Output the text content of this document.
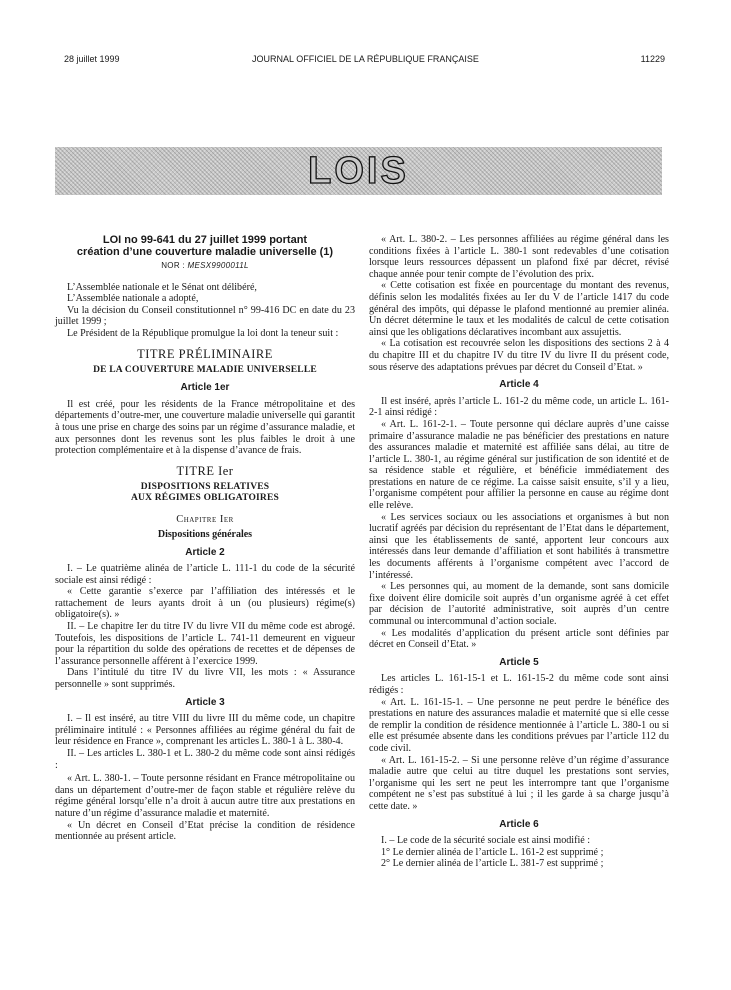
28 juillet 1999	JOURNAL OFFICIEL DE LA RÉPUBLIQUE FRANÇAISE	11229
LOIS
LOI no 99-641 du 27 juillet 1999 portant
création d’une couverture maladie universelle (1)
NOR : MESX9900011L

L’Assemblée nationale et le Sénat ont délibéré,

L’Assemblée nationale a adopté,

Vu la décision du Conseil constitutionnel n° 99-416 DC en date du 23 juillet 1999 ;

Le Président de la République promulgue la loi dont la teneur suit :

TITRE PRÉLIMINAIRE
DE LA COUVERTURE MALADIE UNIVERSELLE
Article 1er

Il est créé, pour les résidents de la France métropolitaine et des départements d’outre-mer, une couverture maladie universelle qui garantit à tous une prise en charge des soins par un régime d’assurance maladie, et aux personnes dont les revenus sont les plus faibles le droit à une protection complémentaire et à la dispense d’avance de frais.

TITRE Ier
DISPOSITIONS RELATIVES
AUX RÉGIMES OBLIGATOIRES
Chapitre Ier
Dispositions générales
Article 2

I. – Le quatrième alinéa de l’article L. 111-1 du code de la sécurité sociale est ainsi rédigé :

« Cette garantie s’exerce par l’affiliation des intéressés et le rattachement de leurs ayants droit à un (ou plusieurs) régime(s) obligatoire(s). »

II. – Le chapitre Ier du titre IV du livre VII du même code est abrogé. Toutefois, les dispositions de l’article L. 741-11 demeurent en vigueur pour la répartition du solde des opérations de recettes et de dépenses de l’assurance personnelle afférent à l’exercice 1999.

Dans l’intitulé du titre IV du livre VII, les mots : « Assurance personnelle » sont supprimés.

Article 3

I. – Il est inséré, au titre VIII du livre III du même code, un chapitre préliminaire intitulé : « Personnes affiliées au régime général du fait de leur résidence en France », comprenant les articles L. 380-1 à L. 380-4.

II. – Les articles L. 380-1 et L. 380-2 du même code sont ainsi rédigés :

« Art. L. 380-1. – Toute personne résidant en France métropolitaine ou dans un département d’outre-mer de façon stable et régulière relève du régime général lorsqu’elle n’a droit à aucun autre titre aux prestations en nature d’un régime d’assurance maladie et maternité.

« Un décret en Conseil d’Etat précise la condition de résidence mentionnée au présent article.

« Art. L. 380-2. – Les personnes affiliées au régime général dans les conditions fixées à l’article L. 380-1 sont redevables d’une cotisation lorsque leurs ressources dépassent un plafond fixé par décret, révisé chaque année pour tenir compte de l’évolution des prix.

« Cette cotisation est fixée en pourcentage du montant des revenus, définis selon les modalités fixées au Ier du V de l’article 1417 du code général des impôts, qui dépasse le plafond mentionné au premier alinéa. Un décret détermine le taux et les modalités de calcul de cette cotisation ainsi que les obligations déclaratives incombant aux assujettis.

« La cotisation est recouvrée selon les dispositions des sections 2 à 4 du chapitre III et du chapitre IV du titre IV du livre II du présent code, sous réserve des adaptations prévues par décret du Conseil d’Etat. »

Article 4

Il est inséré, après l’article L. 161-2 du même code, un article L. 161-2-1 ainsi rédigé :

« Art. L. 161-2-1. – Toute personne qui déclare auprès d’une caisse primaire d’assurance maladie ne pas bénéficier des prestations en nature des assurances maladie et maternité est affiliée sans délai, au titre de l’article L. 380-1, au régime général sur justification de son identité et de sa résidence stable et régulière, et bénéficie immédiatement des prestations en nature de ce régime. La caisse saisit ensuite, s’il y a lieu, l’organisme compétent pour affilier la personne en cause au régime dont elle relève.

« Les services sociaux ou les associations et organismes à but non lucratif agréés par décision du représentant de l’Etat dans le département, ainsi que les établissements de santé, apportent leur concours aux intéressés dans leur demande d’affiliation et sont habilités à transmettre les documents afférents à l’organisme compétent avec l’accord de l’intéressé.

« Les personnes qui, au moment de la demande, sont sans domicile fixe doivent élire domicile soit auprès d’un organisme agréé à cet effet par décision de l’autorité administrative, soit auprès d’un centre communal ou intercommunal d’action sociale.

« Les modalités d’application du présent article sont définies par décret en Conseil d’Etat. »

Article 5

Les articles L. 161-15-1 et L. 161-15-2 du même code sont ainsi rédigés :

« Art. L. 161-15-1. – Une personne ne peut perdre le bénéfice des prestations en nature des assurances maladie et maternité que si elle cesse de remplir la condition de résidence mentionnée à l’article L. 380-1 ou si elle est présumée absente dans les conditions prévues par l’article 112 du code civil.

« Art. L. 161-15-2. – Si une personne relève d’un régime d’assurance maladie autre que celui au titre duquel les prestations sont servies, l’organisme qui les sert ne peut les interrompre tant que l’organisme compétent ne s’est pas substitué à lui ; il les garde à sa charge jusqu’à cette date. »

Article 6

I. – Le code de la sécurité sociale est ainsi modifié :

1° Le dernier alinéa de l’article L. 161-2 est supprimé ;

2° Le dernier alinéa de l’article L. 381-7 est supprimé ;
